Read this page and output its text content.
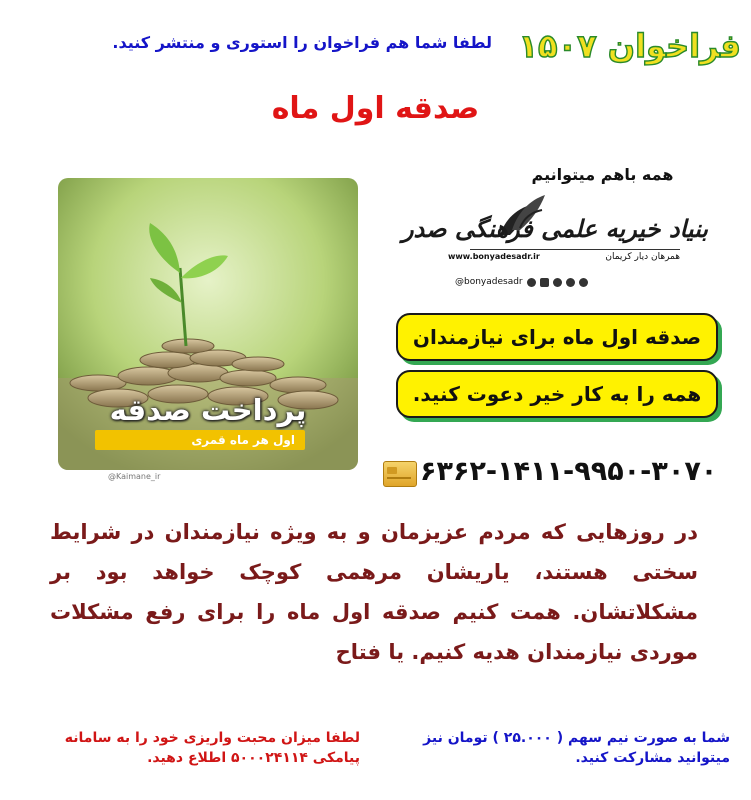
فراخوان ۱۵۰۷
لطفا شما هم فراخوان را استوری و منتشر کنید.
صدقه اول ماه
پرداخت صدقه
اول هر ماه قمری
@Kaimane_ir
همه باهم میتوانیم
بنیاد خیریه علمی فرهنگی صدر
www.bonyadesadr.ir	همرهان دیار کریمان
@bonyadesadr
صدقه اول ماه برای نیازمندان
همه را به کار خیر دعوت کنید.
۶۳۶۲-۱۴۱۱-۹۹۵۰-۳۰۷۰
در روزهایی که مردم عزیزمان و به ویژه نیازمندان در شرایط سختی هستند، یاریشان مرهمی کوچک خواهد بود بر مشکلاتشان. همت کنیم صدقه اول ماه را برای رفع مشکلات موردی نیازمندان هدیه کنیم. یا فتاح
لطفا میزان محبت واریزی خود را به سامانه پیامکی ۵۰۰۰۲۴۱۱۴ اطلاع دهید.
شما به صورت نیم سهم ( ۲۵.۰۰۰ ) تومان نیز میتوانید مشارکت کنید.
